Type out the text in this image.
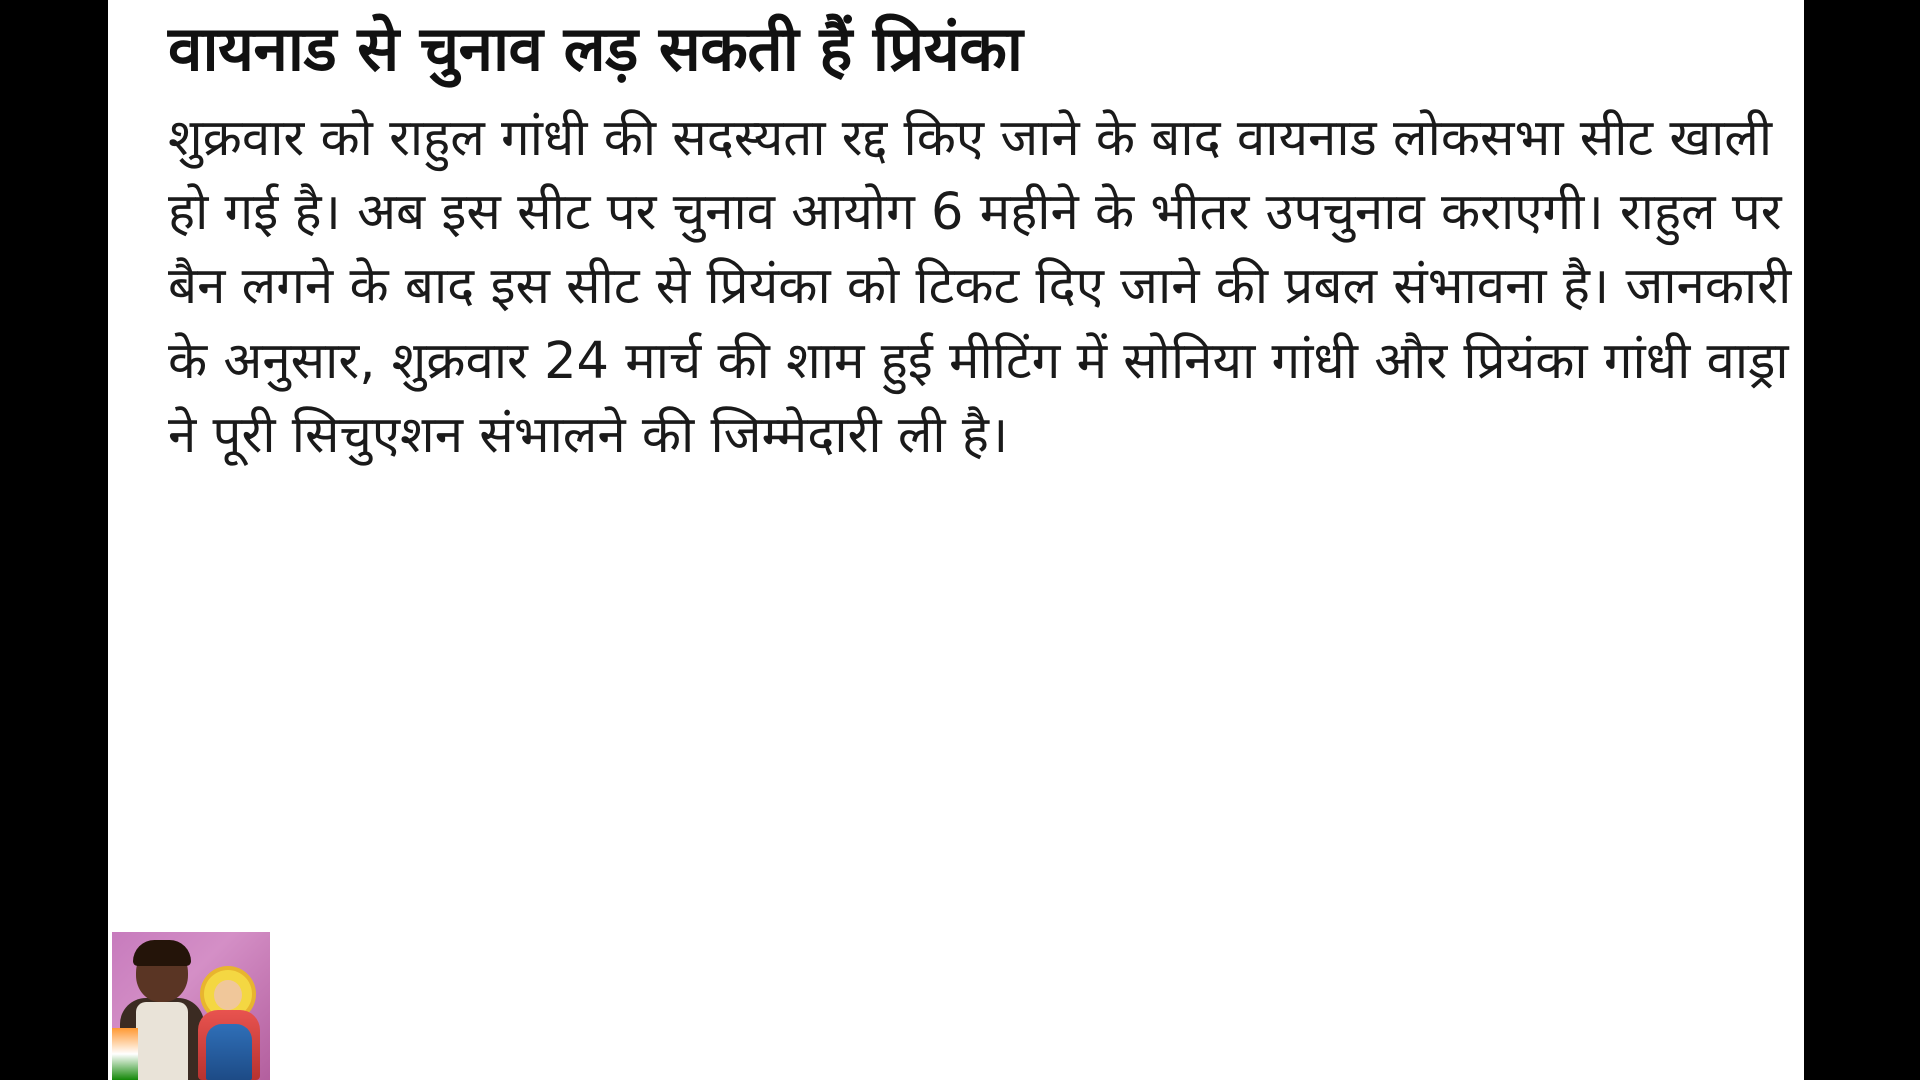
वायनाड से चुनाव लड़ सकती हैं प्रियंका

शुक्रवार को राहुल गांधी की सदस्यता रद्द किए जाने के बाद वायनाड लोकसभा सीट खाली हो गई है। अब इस सीट पर चुनाव आयोग 6 महीने के भीतर उपचुनाव कराएगी। राहुल पर बैन लगने के बाद इस सीट से प्रियंका को टिकट दिए जाने की प्रबल संभावना है। जानकारी के अनुसार, शुक्रवार 24 मार्च की शाम हुई मीटिंग में सोनिया गांधी और प्रियंका गांधी वाड्रा ने पूरी सिचुएशन संभालने की जिम्मेदारी ली है।
